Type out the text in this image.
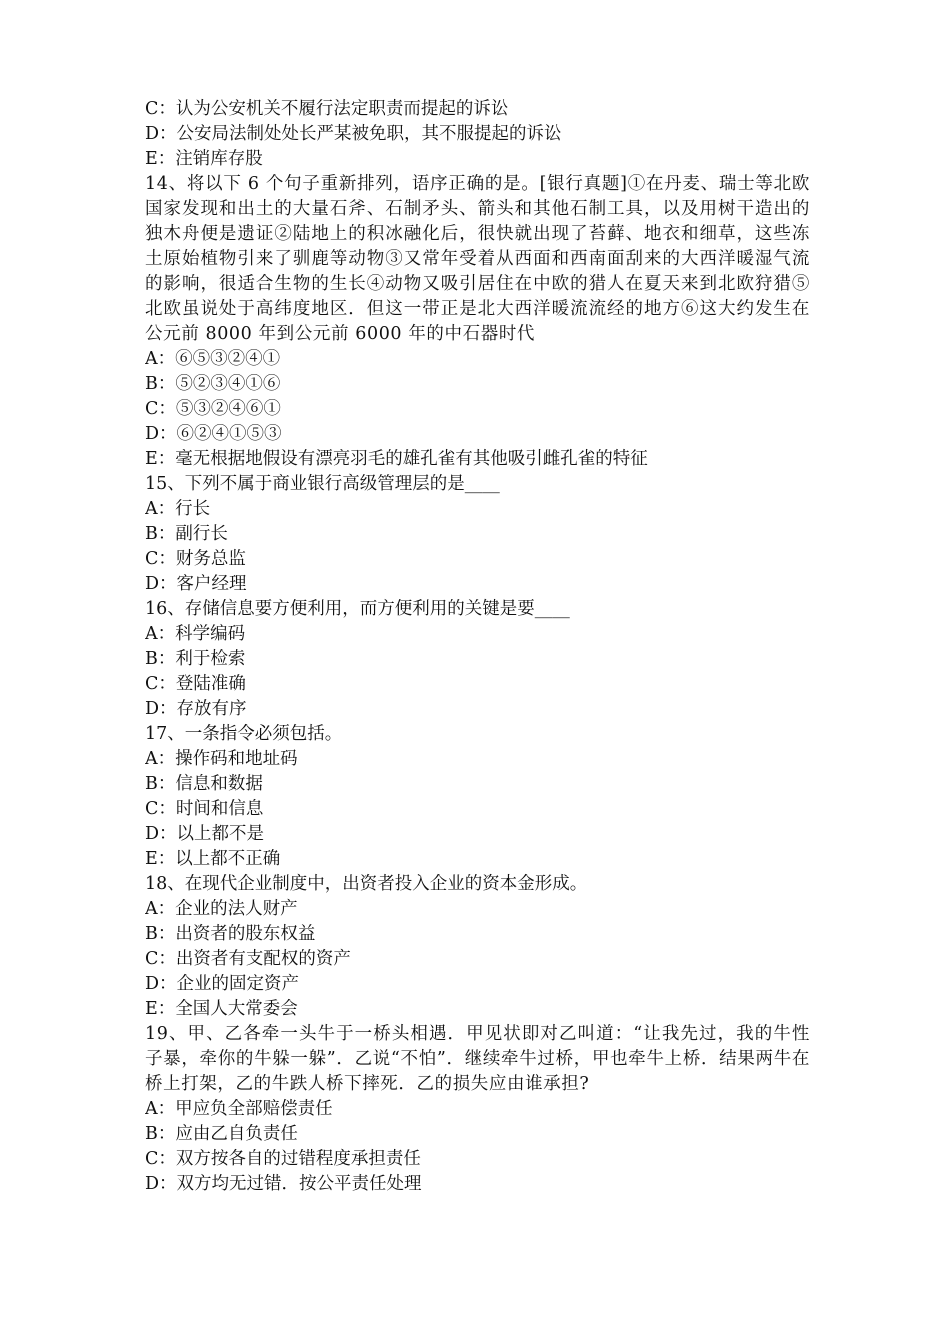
C：认为公安机关不履行法定职责而提起的诉讼
D：公安局法制处处长严某被免职，其不服提起的诉讼
E：注销库存股
14、将以下 6 个句子重新排列，语序正确的是。[银行真题]①在丹麦、瑞士等北欧国家发现和出土的大量石斧、石制矛头、箭头和其他石制工具，以及用树干造出的独木舟便是遗证②陆地上的积冰融化后，很快就出现了苔藓、地衣和细草，这些冻土原始植物引来了驯鹿等动物③又常年受着从西面和西南面刮来的大西洋暖湿气流的影响，很适合生物的生长④动物又吸引居住在中欧的猎人在夏天来到北欧狩猎⑤北欧虽说处于高纬度地区．但这一带正是北大西洋暖流流经的地方⑥这大约发生在公元前 8000 年到公元前 6000 年的中石器时代
A：⑥⑤③②④①
B：⑤②③④①⑥
C：⑤③②④⑥①
D：⑥②④①⑤③
E：毫无根据地假设有漂亮羽毛的雄孔雀有其他吸引雌孔雀的特征
15、下列不属于商业银行高级管理层的是____
A：行长
B：副行长
C：财务总监
D：客户经理
16、存储信息要方便利用，而方便利用的关键是要____
A：科学编码
B：利于检索
C：登陆准确
D：存放有序
17、一条指令必须包括。
A：操作码和地址码
B：信息和数据
C：时间和信息
D：以上都不是
E：以上都不正确
18、在现代企业制度中，出资者投入企业的资本金形成。
A：企业的法人财产
B：出资者的股东权益
C：出资者有支配权的资产
D：企业的固定资产
E：全国人大常委会
19、甲、乙各牵一头牛于一桥头相遇．甲见状即对乙叫道：“让我先过，我的牛性子暴，牵你的牛躲一躲”．乙说“不怕”．继续牵牛过桥，甲也牵牛上桥．结果两牛在桥上打架，乙的牛跌人桥下摔死．乙的损失应由谁承担?
A：甲应负全部赔偿责任
B：应由乙自负责任
C：双方按各自的过错程度承担责任
D：双方均无过错．按公平责任处理
